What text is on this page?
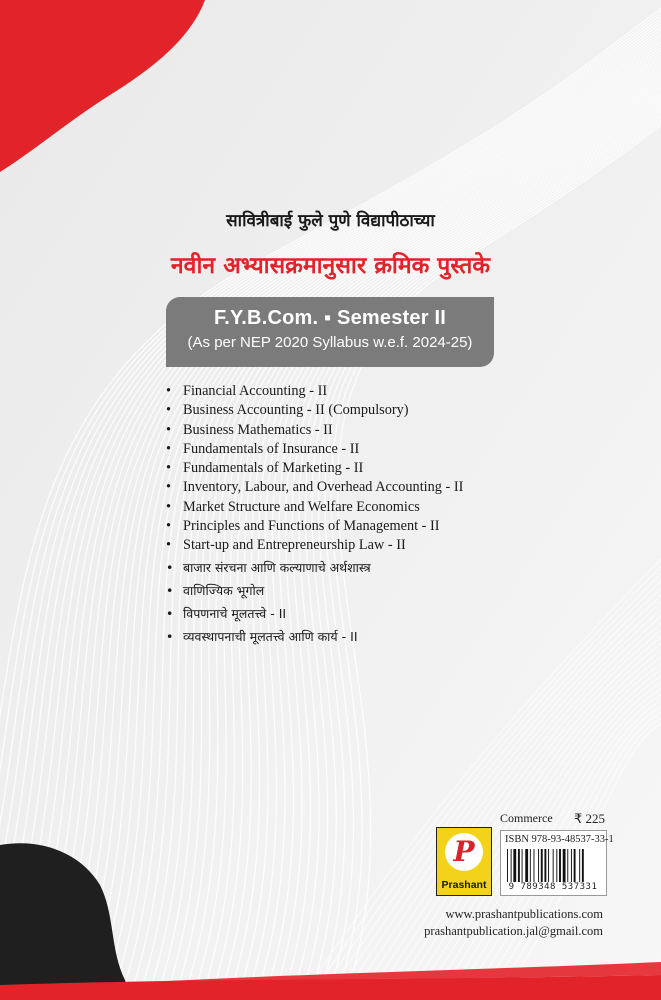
सावित्रीबाई फुले पुणे विद्यापीठाच्या
नवीन अभ्यासक्रमानुसार क्रमिक पुस्तके
F.Y.B.Com. ▪ Semester II
(As per NEP 2020 Syllabus w.e.f. 2024-25)
• Financial Accounting - II
• Business Accounting - II (Compulsory)
• Business Mathematics - II
• Fundamentals of Insurance - II
• Fundamentals of Marketing - II
• Inventory, Labour, and Overhead Accounting - II
• Market Structure and Welfare Economics
• Principles and Functions of Management - II
• Start-up and Entrepreneurship Law - II
• बाजार संरचना आणि कल्याणाचे अर्थशास्त्र
• वाणिज्यिक भूगोल
• विपणनाचे मूलतत्त्वे - II
• व्यवस्थापनाची मूलतत्त्वे आणि कार्य - II
P
Prashant
Commerce ₹ 225
ISBN 978-93-48537-33-1
9 789348 537331
www.prashantpublications.com
prashantpublication.jal@gmail.com
